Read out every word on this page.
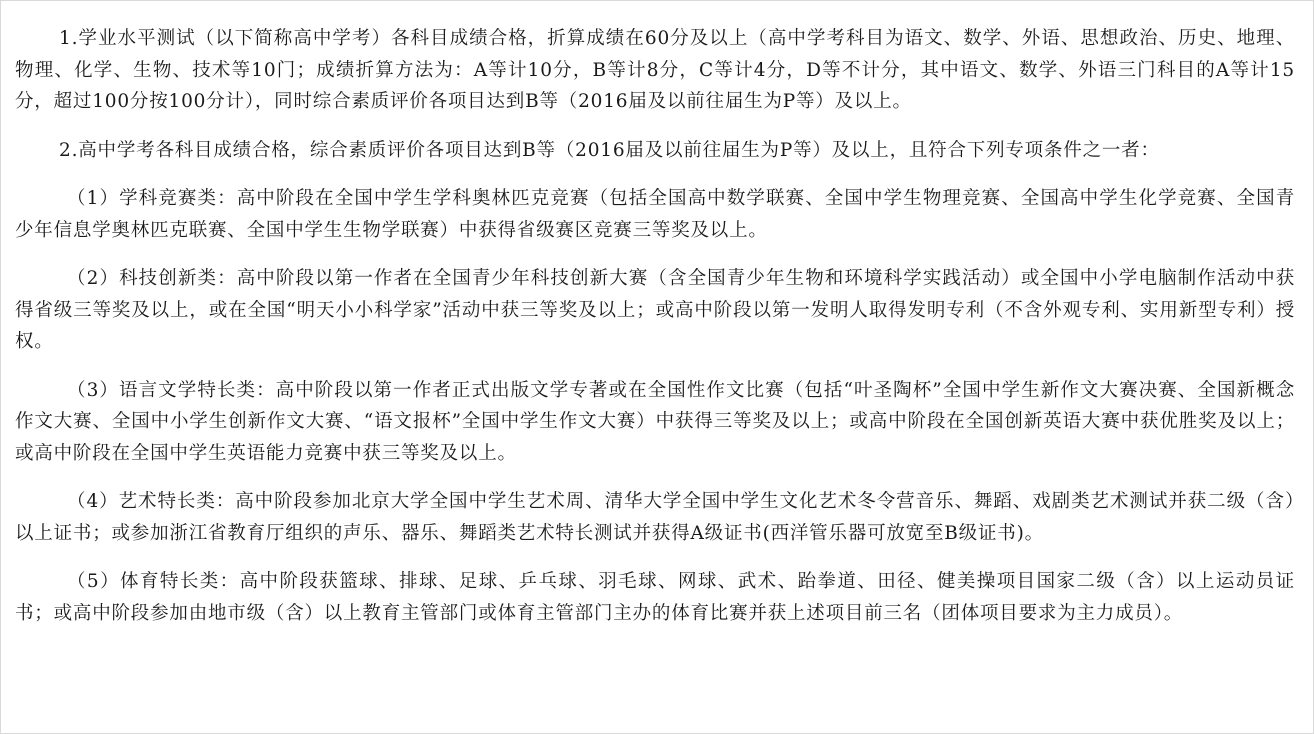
1.学业水平测试（以下简称高中学考）各科目成绩合格，折算成绩在60分及以上（高中学考科目为语文、数学、外语、思想政治、历史、地理、物理、化学、生物、技术等10门；成绩折算方法为：A等计10分，B等计8分，C等计4分，D等不计分，其中语文、数学、外语三门科目的A等计15分，超过100分按100分计），同时综合素质评价各项目达到B等（2016届及以前往届生为P等）及以上。

2.高中学考各科目成绩合格，综合素质评价各项目达到B等（2016届及以前往届生为P等）及以上，且符合下列专项条件之一者：

（1）学科竞赛类：高中阶段在全国中学生学科奥林匹克竞赛（包括全国高中数学联赛、全国中学生物理竞赛、全国高中学生化学竞赛、全国青少年信息学奥林匹克联赛、全国中学生生物学联赛）中获得省级赛区竞赛三等奖及以上。

（2）科技创新类：高中阶段以第一作者在全国青少年科技创新大赛（含全国青少年生物和环境科学实践活动）或全国中小学电脑制作活动中获得省级三等奖及以上，或在全国“明天小小科学家”活动中获三等奖及以上；或高中阶段以第一发明人取得发明专利（不含外观专利、实用新型专利）授权。

（3）语言文学特长类：高中阶段以第一作者正式出版文学专著或在全国性作文比赛（包括“叶圣陶杯”全国中学生新作文大赛决赛、全国新概念作文大赛、全国中小学生创新作文大赛、“语文报杯”全国中学生作文大赛）中获得三等奖及以上；或高中阶段在全国创新英语大赛中获优胜奖及以上；或高中阶段在全国中学生英语能力竞赛中获三等奖及以上。

（4）艺术特长类：高中阶段参加北京大学全国中学生艺术周、清华大学全国中学生文化艺术冬令营音乐、舞蹈、戏剧类艺术测试并获二级（含）以上证书；或参加浙江省教育厅组织的声乐、器乐、舞蹈类艺术特长测试并获得A级证书(西洋管乐器可放宽至B级证书)。

（5）体育特长类：高中阶段获篮球、排球、足球、乒乓球、羽毛球、网球、武术、跆拳道、田径、健美操项目国家二级（含）以上运动员证书；或高中阶段参加由地市级（含）以上教育主管部门或体育主管部门主办的体育比赛并获上述项目前三名（团体项目要求为主力成员）。
